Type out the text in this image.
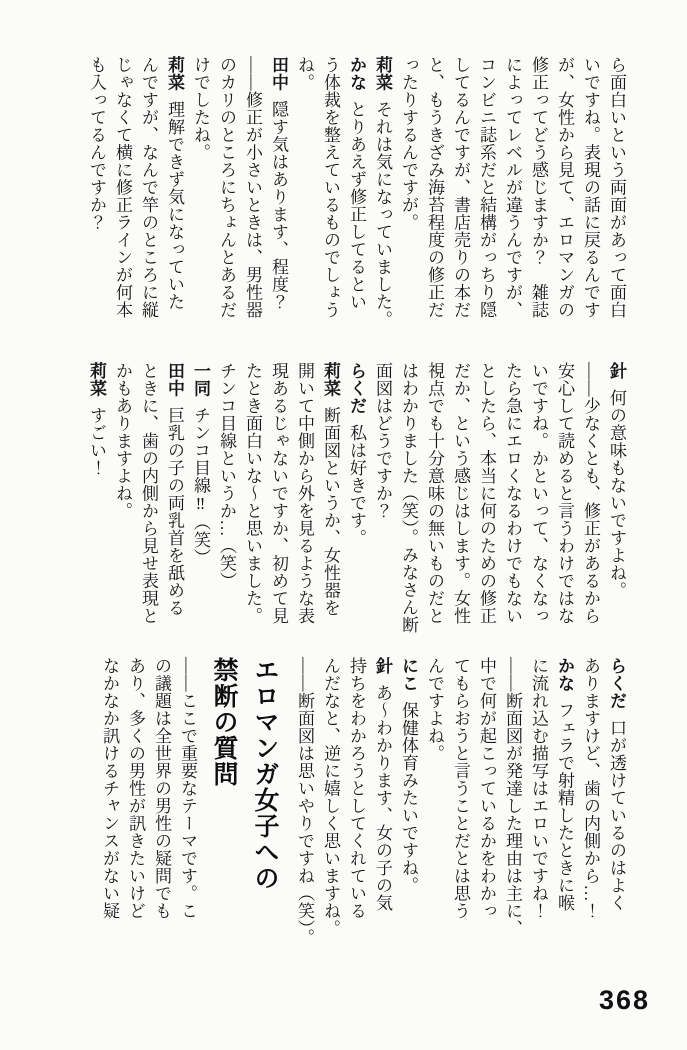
ら面白いという両面があって面白
いですね。表現の話に戻るんです
が、女性から見て、エロマンガの
修正ってどう感じますか？　雑誌
によってレベルが違うんですが、
コンビニ誌系だと結構がっちり隠
してるんですが、書店売りの本だ
と、もうきざみ海苔程度の修正だ
ったりするんですが。
莉菜それは気になっていました。
かなとりあえず修正してるとい
う体裁を整えているものでしょう
ね。
田中隠す気はあります、程度？
――修正が小さいときは、男性器
のカリのところにちょんとあるだ
けでしたね。
莉菜理解できず気になっていた
んですが、なんで竿のところに縦
じゃなくて横に修正ラインが何本
も入ってるんですか？
針何の意味もないですよね。
――少なくとも、修正があるから
安心して読めると言うわけではな
いですね。かといって、なくなっ
たら急にエロくなるわけでもない
としたら、本当に何のための修正
だか、という感じはします。女性
視点でも十分意味の無いものだと
はわかりました（笑）。みなさん断
面図はどうですか？
らくだ私は好きです。
莉菜断面図というか、女性器を
開いて中側から外を見るような表
現あるじゃないですか、初めて見
たとき面白いな〜と思いました。
チンコ目線というか…（笑）
一同チンコ目線‼（笑）
田中巨乳の子の両乳首を舐める
ときに、歯の内側から見せ表現と
かもありますよね。
莉菜すごい！
らくだ口が透けているのはよく
ありますけど、歯の内側から…！
かなフェラで射精したときに喉
に流れ込む描写はエロいですね！
――断面図が発達した理由は主に、
中で何が起こっているかをわかっ
てもらおうと言うことだとは思う
んですよね。
にこ保健体育みたいですね。
針あ〜わかります、女の子の気
持ちをわかろうとしてくれている
んだなと、逆に嬉しく思いますね。
――断面図は思いやりですね（笑）。
エロマンガ女子への
禁断の質問
――ここで重要なテーマです。こ
の議題は全世界の男性の疑問でも
あり、多くの男性が訊きたいけど
なかなか訊けるチャンスがない疑
368
